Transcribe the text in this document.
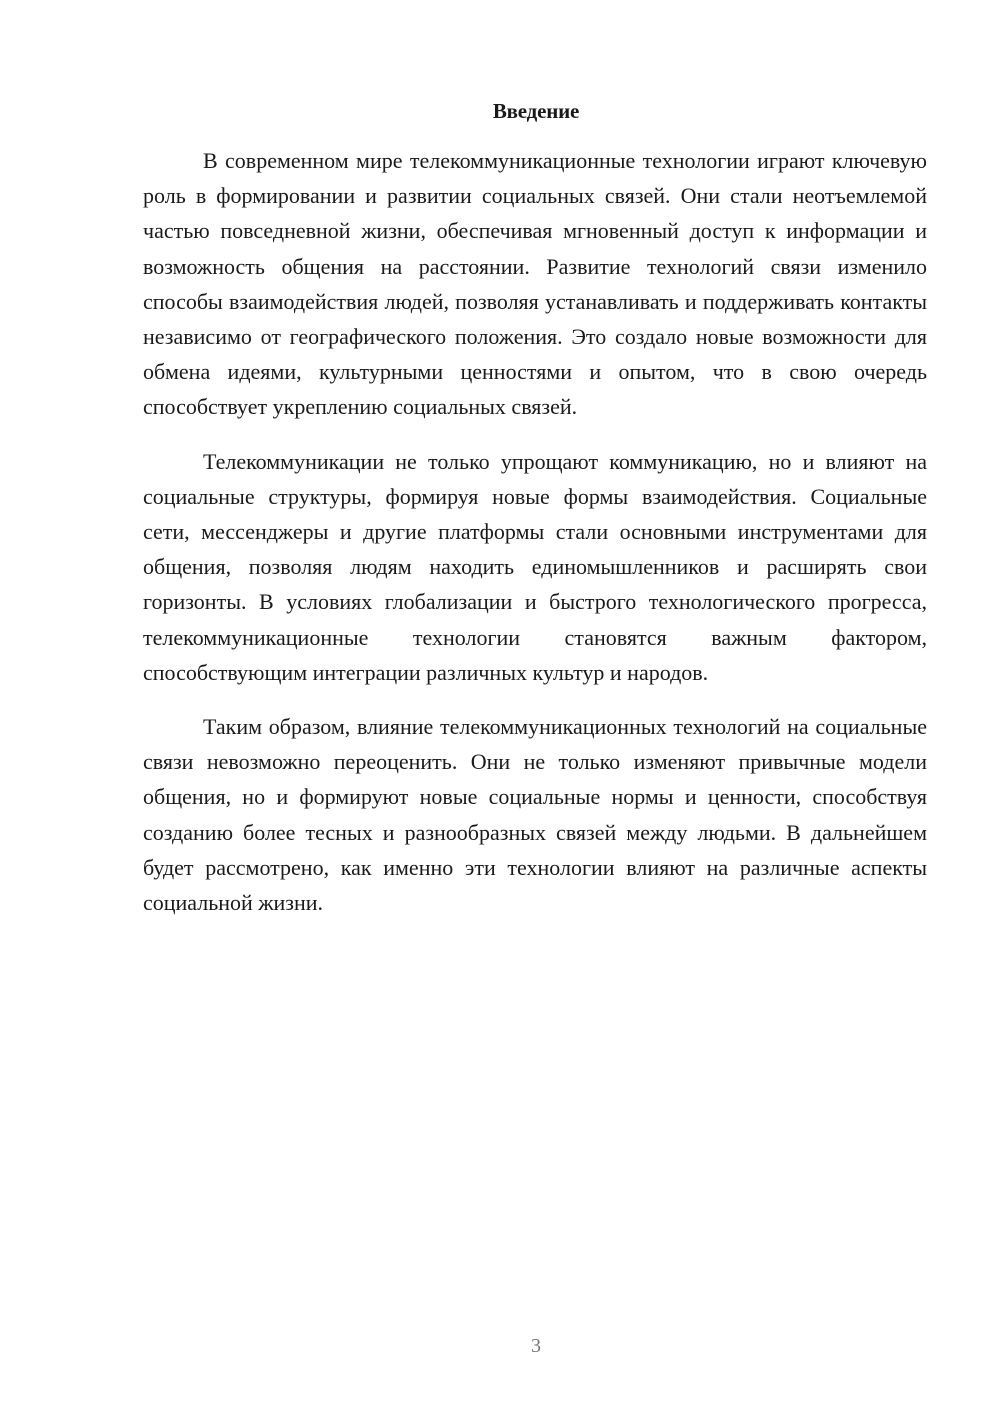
Введение

В современном мире телекоммуникационные технологии играют ключевую роль в формировании и развитии социальных связей. Они стали неотъемлемой частью повседневной жизни, обеспечивая мгновенный доступ к информации и возможность общения на расстоянии. Развитие технологий связи изменило способы взаимодействия людей, позволяя устанавливать и поддерживать контакты независимо от географического положения. Это создало новые возможности для обмена идеями, культурными ценностями и опытом, что в свою очередь способствует укреплению социальных связей.

Телекоммуникации не только упрощают коммуникацию, но и влияют на социальные структуры, формируя новые формы взаимодействия. Социальные сети, мессенджеры и другие платформы стали основными инструментами для общения, позволяя людям находить единомышленников и расширять свои горизонты. В условиях глобализации и быстрого технологического прогресса, телекоммуникационные технологии становятся важным фактором, способствующим интеграции различных культур и народов.

Таким образом, влияние телекоммуникационных технологий на социальные связи невозможно переоценить. Они не только изменяют привычные модели общения, но и формируют новые социальные нормы и ценности, способствуя созданию более тесных и разнообразных связей между людьми. В дальнейшем будет рассмотрено, как именно эти технологии влияют на различные аспекты социальной жизни.

3
